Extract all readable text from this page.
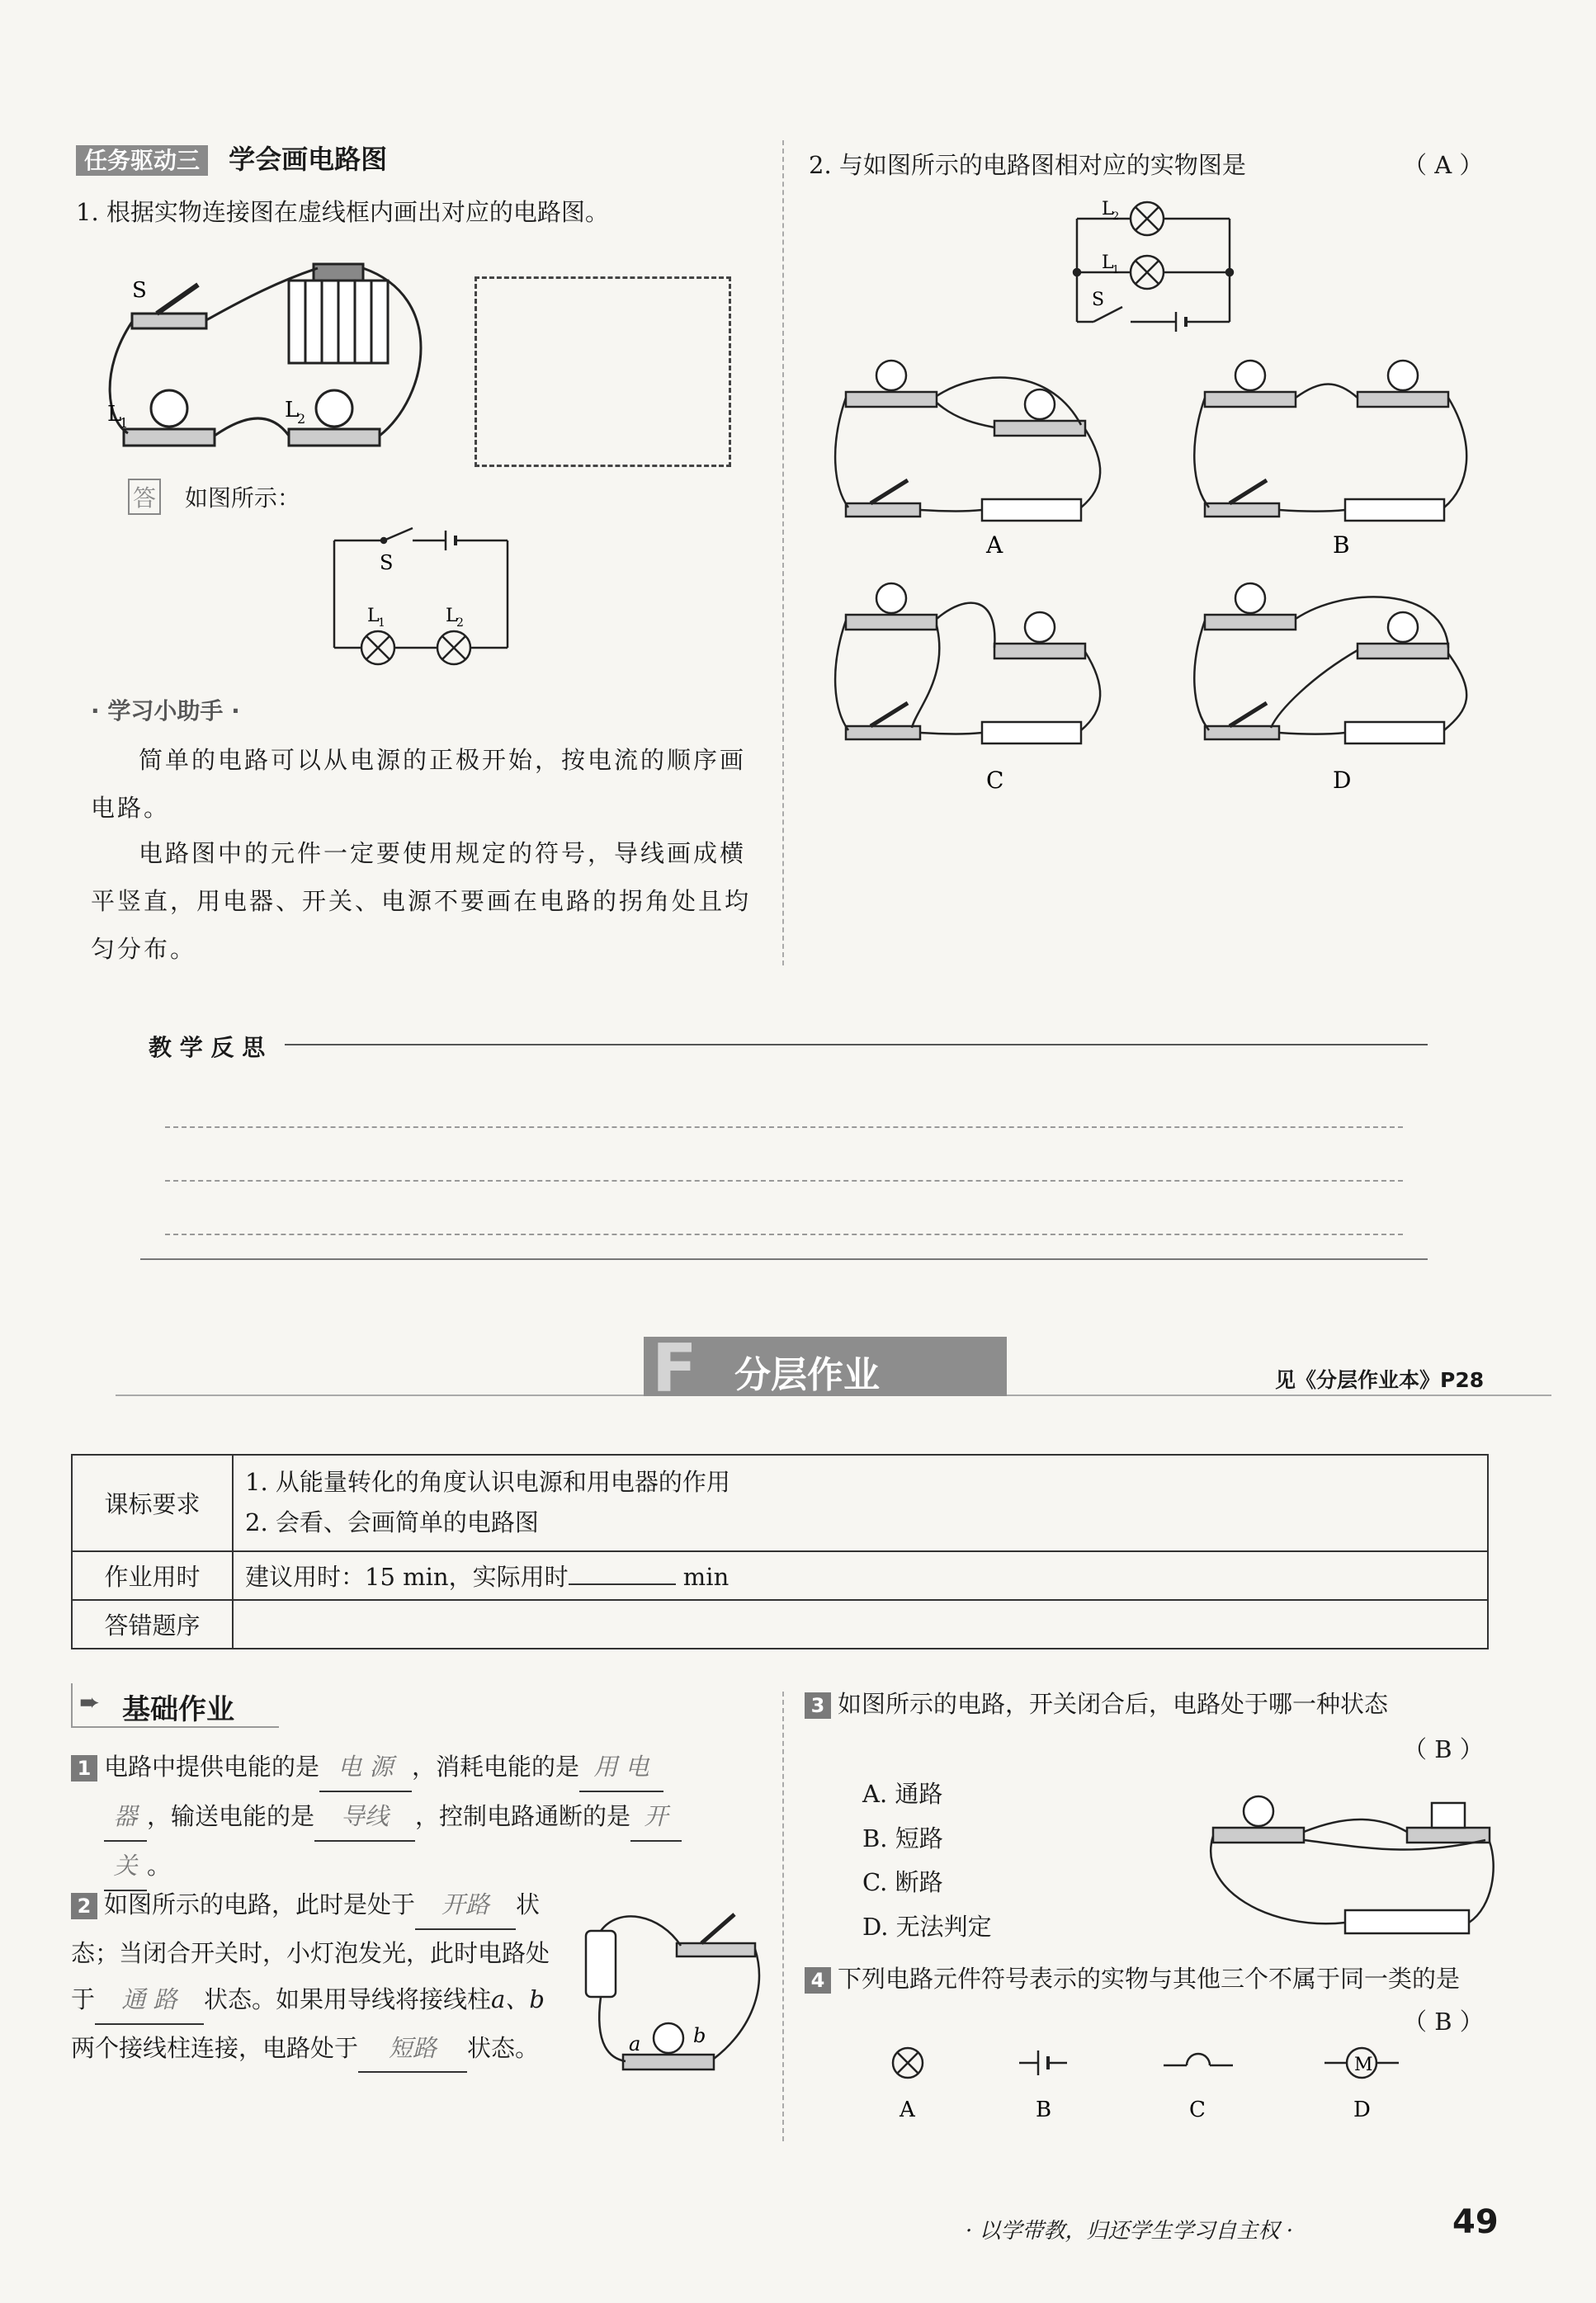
任务驱动三 学会画电路图
1. 根据实物连接图在虚线框内画出对应的电路图。
S
L
1
L
2
答 如图所示：
S
L
1	L
2
· 学习小助手 ·
简单的电路可以从电源的正极开始，按电流的顺序画电路。
电路图中的元件一定要使用规定的符号，导线画成横平竖直，用电器、开关、电源不要画在电路的拐角处且均匀分布。
2. 与如图所示的电路图相对应的实物图是	（ A ）
L
2
L
1
S
A	B
C	D
教 学 反 思
F 分层作业	见《分层作业本》P28
课标要求	1. 从能量转化的角度认识电源和用电器的作用
2. 会看、会画简单的电路图

作业用时	建议用时：15 min，实际用时 min
答错题序	
➨ 基础作业
1 电路中提供电能的是 电 源 ，消耗电能的是 用 电
器 ，输送电能的是 导线 ，控制电路通断的是 开
关 。
2 如图所示的电路，此时是处于 开路 状态；当闭合开关时，小灯泡发光，此时电路处于 通 路 状态。如果用导线将接线柱a、b两个接线柱连接，电路处于 短路 状态。	a	b
3 如图所示的电路，开关闭合后，电路处于哪一种状态
（ B ）
A. 通路
B. 短路
C. 断路
D. 无法判定
4 下列电路元件符号表示的实物与其他三个不属于同一类的是
（ B ）
M
A	B	C	D
· 以学带教，归还学生学习自主权 ·	49
